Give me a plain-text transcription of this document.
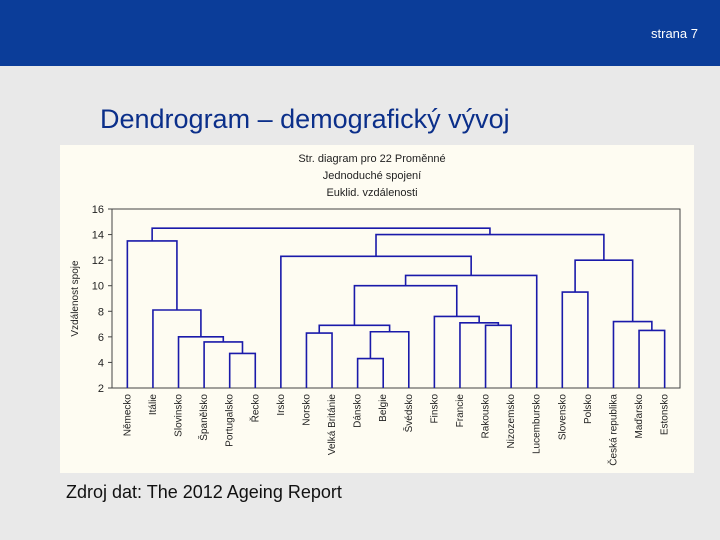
strana 7
Dendrogram – demografický vývoj
Str. diagram pro 22 Proměnné
Jednoduché spojení
Euklid. vzdálenosti
Vzdálenost spoje
2
4
6
8
10
12
14
16
Německo Itálie Slovinsko Španělsko Portugalsko Řecko Irsko Norsko Velká Británie Dánsko Belgie Švédsko Finsko Francie Rakousko Nizozemsko Lucembursko Slovensko Polsko Česká republika Maďarsko Estonsko
Zdroj dat: The 2012 Ageing Report
